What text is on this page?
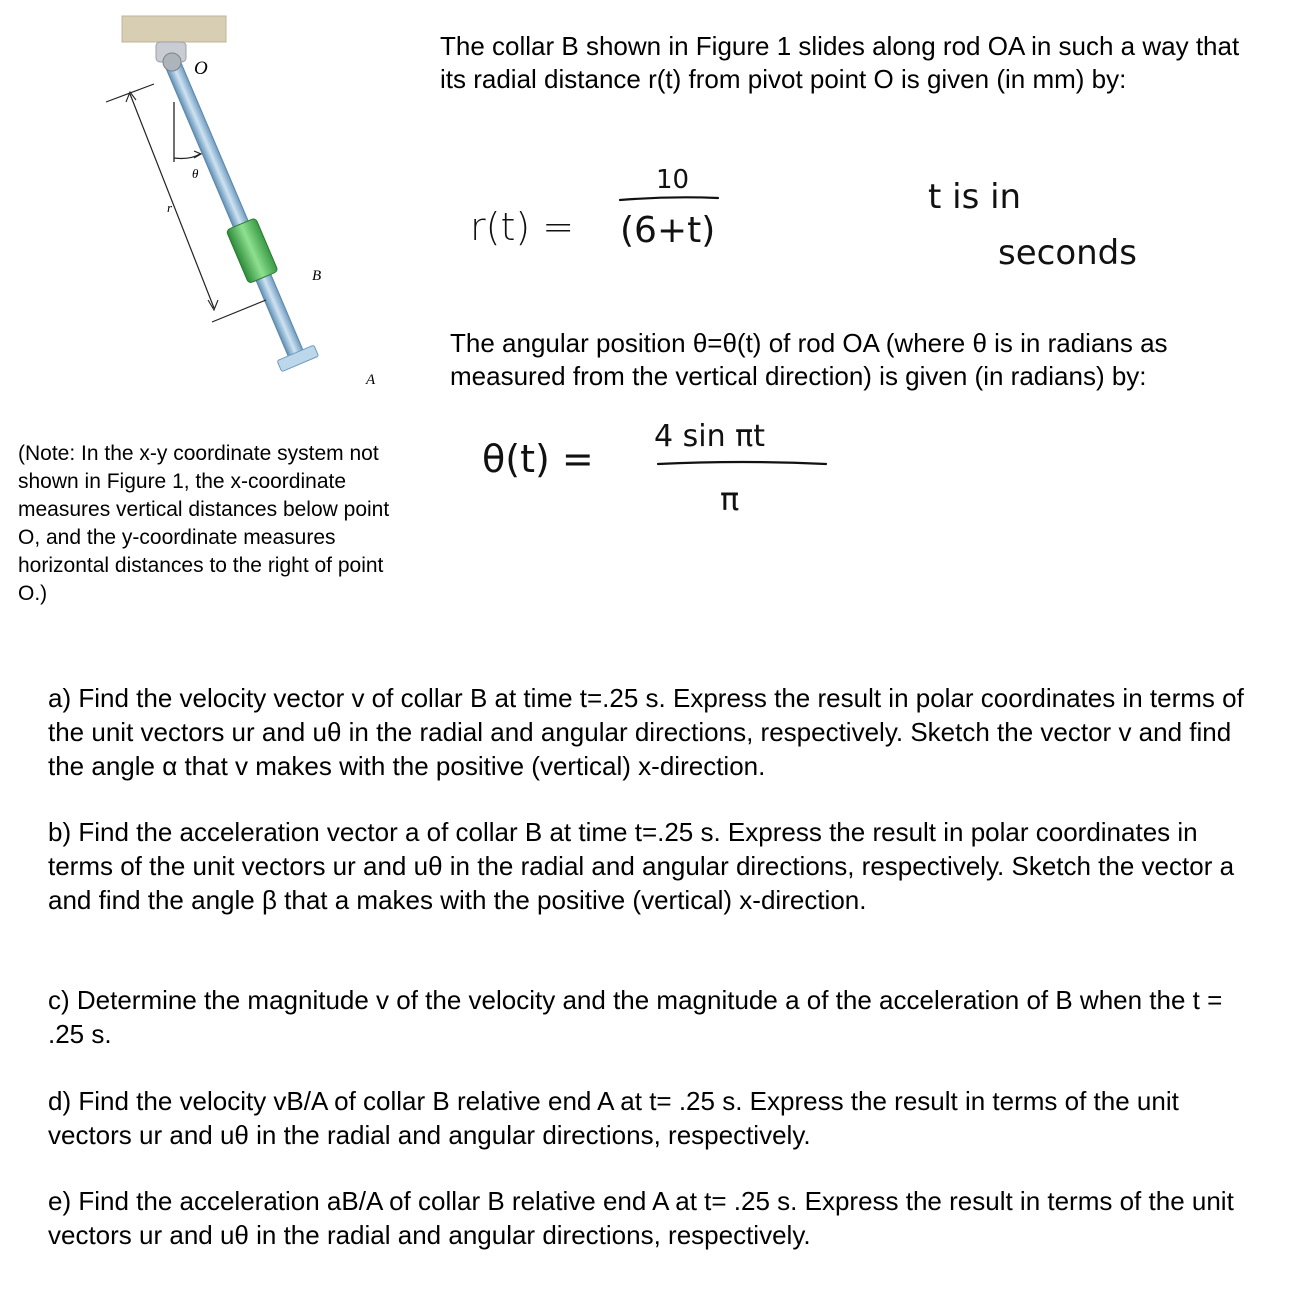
O
θ
r
B
A
The collar B shown in Figure 1 slides along rod OA in such a way that its radial distance r(t) from pivot point O is given (in mm) by:
r(t) =
10
(6+t)
t is in
seconds
The angular position θ=θ(t) of rod OA (where θ is in radians as measured from the vertical direction) is given (in radians) by:
θ(t) =
4 sin πt
π
(Note: In the x-y coordinate system not shown in Figure 1, the x-coordinate measures vertical distances below point O, and the y-coordinate measures horizontal distances to the right of point O.)
a) Find the velocity vector v of collar B at time t=.25 s. Express the result in polar coordinates in terms of the unit vectors ur and uθ in the radial and angular directions, respectively. Sketch the vector v and find the angle α that v makes with the positive (vertical) x-direction.
b) Find the acceleration vector a of collar B at time t=.25 s. Express the result in polar coordinates in terms of the unit vectors ur and uθ in the radial and angular directions, respectively. Sketch the vector a and find the angle β that a makes with the positive (vertical) x-direction.
c) Determine the magnitude v of the velocity and the magnitude a of the acceleration of B when the t = .25 s.
d) Find the velocity vB/A of collar B relative end A at t= .25 s. Express the result in terms of the unit vectors ur and uθ in the radial and angular directions, respectively.
e) Find the acceleration aB/A of collar B relative end A at t= .25 s. Express the result in terms of the unit vectors ur and uθ in the radial and angular directions, respectively.
